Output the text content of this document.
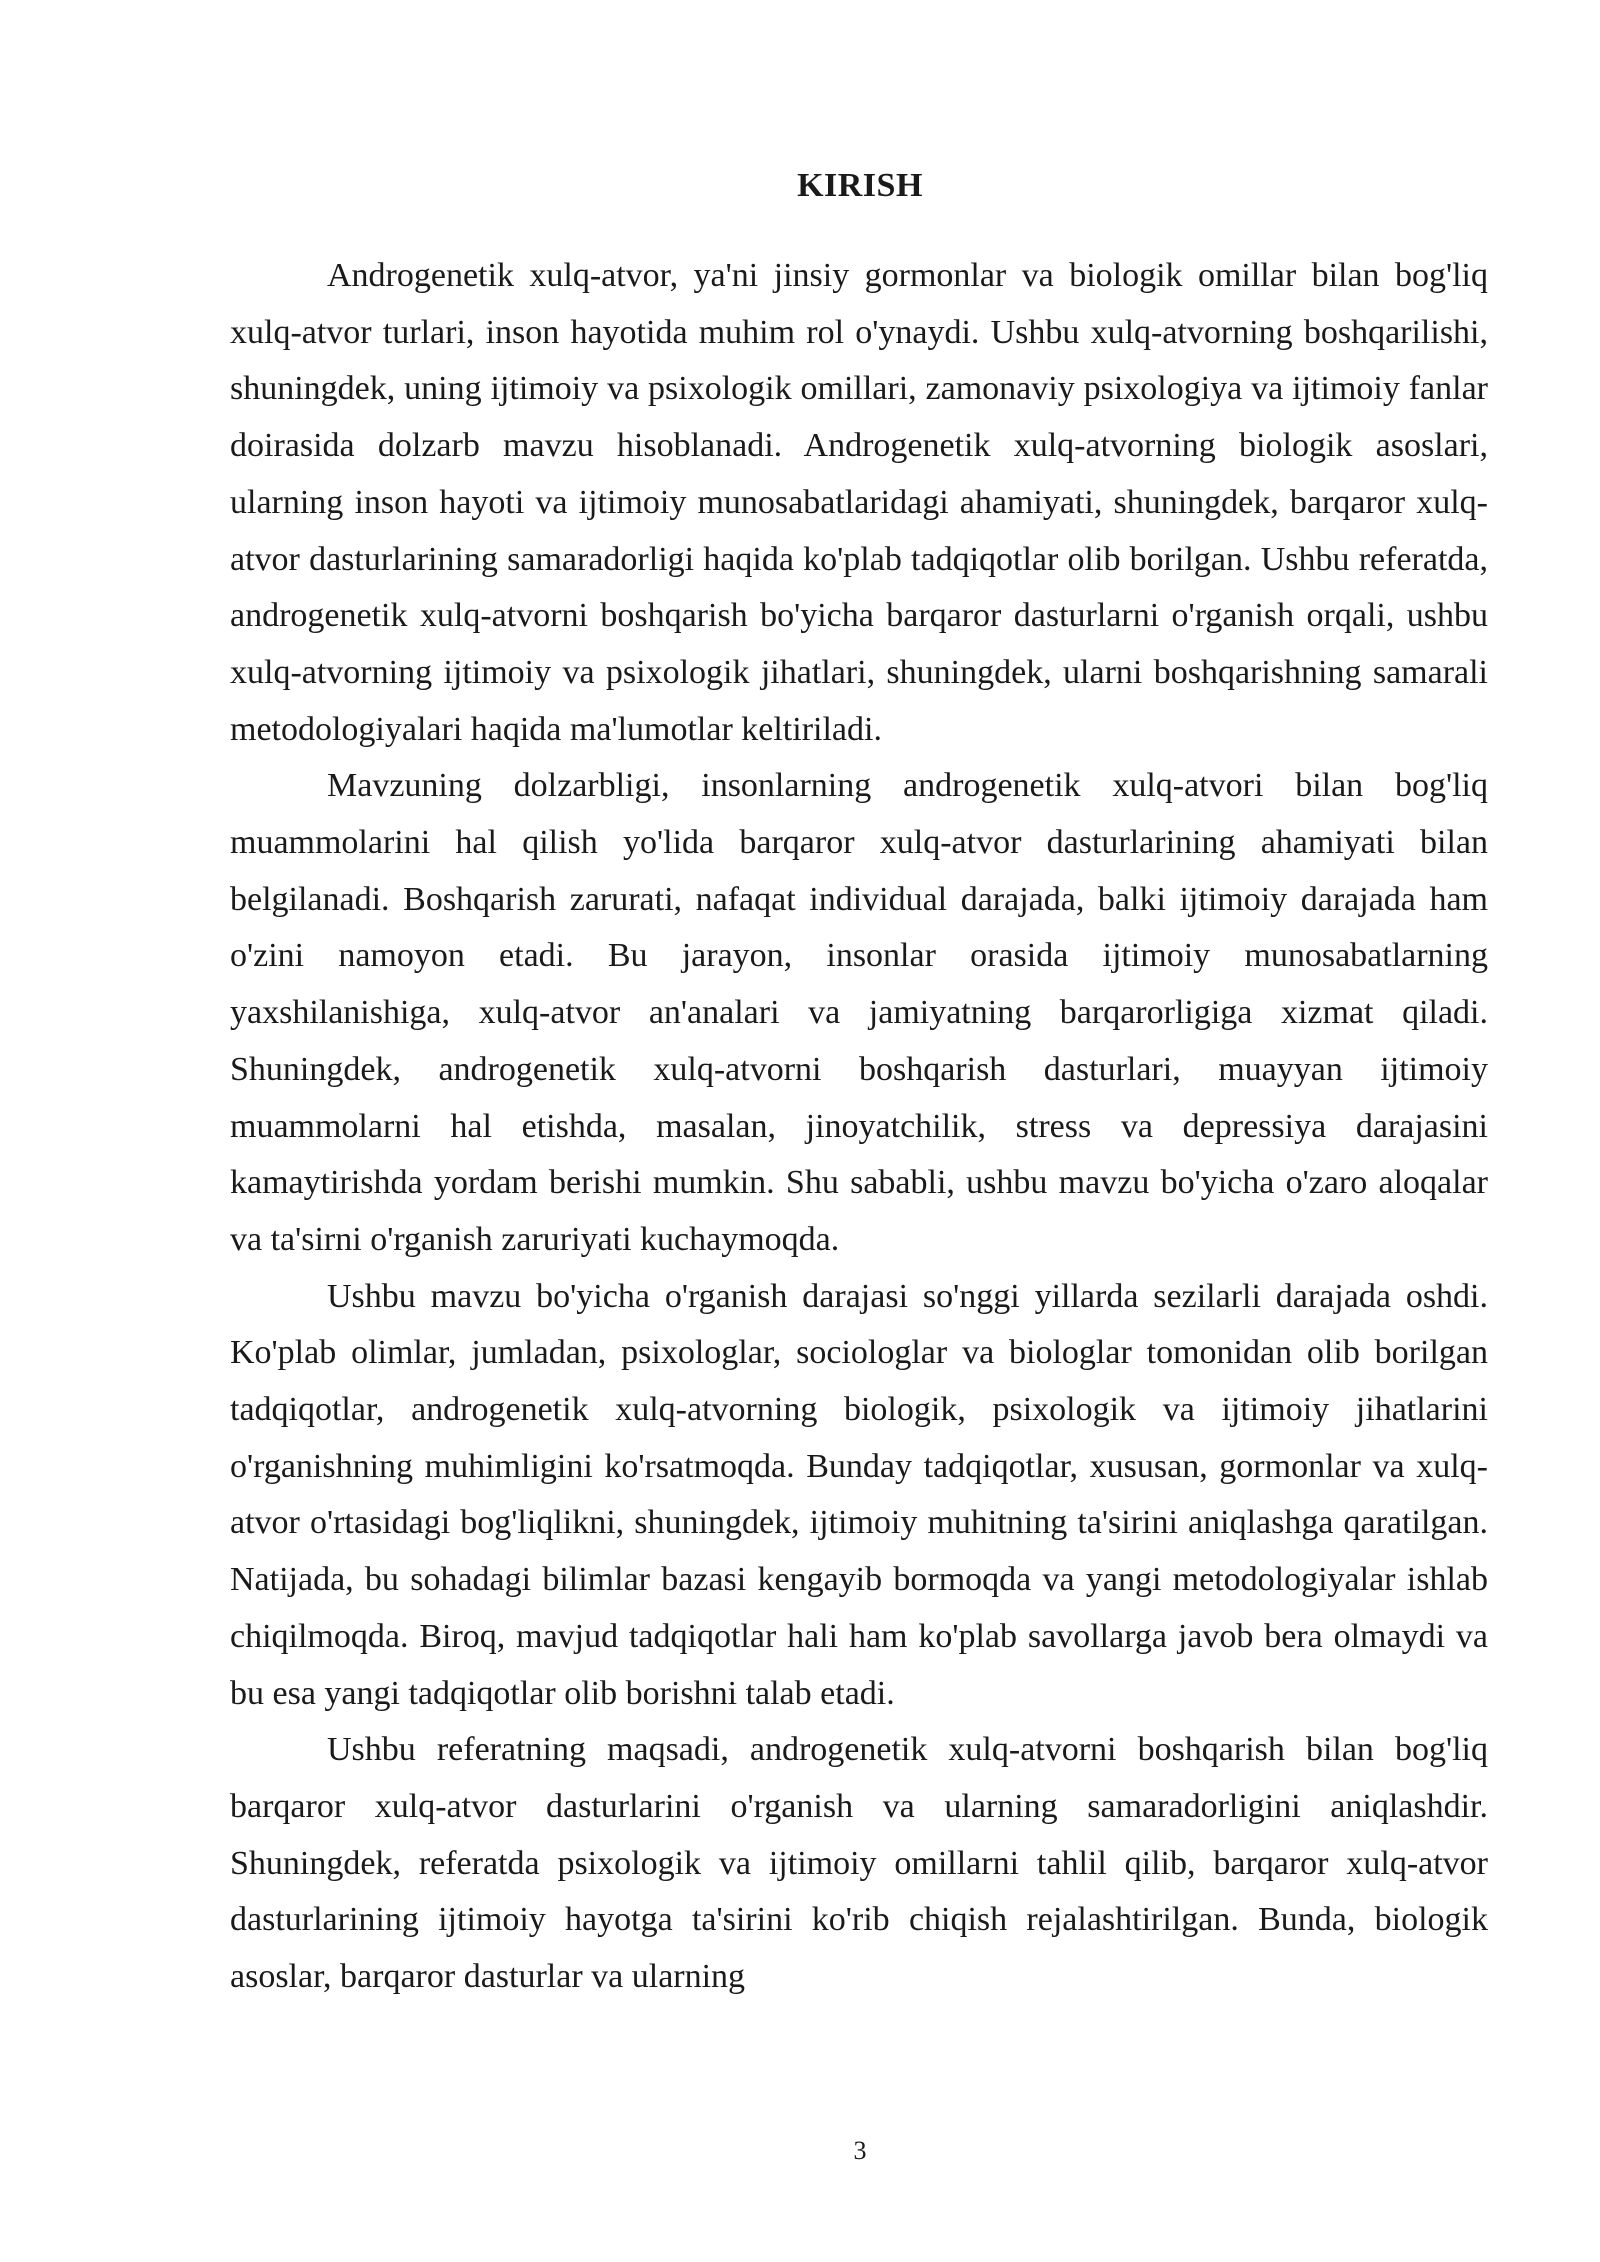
KIRISH

Androgenetik xulq-atvor, ya'ni jinsiy gormonlar va biologik omillar bilan bog'liq xulq-atvor turlari, inson hayotida muhim rol o'ynaydi. Ushbu xulq-atvorning boshqarilishi, shuningdek, uning ijtimoiy va psixologik omillari, zamonaviy psixologiya va ijtimoiy fanlar doirasida dolzarb mavzu hisoblanadi. Androgenetik xulq-atvorning biologik asoslari, ularning inson hayoti va ijtimoiy munosabatlaridagi ahamiyati, shuningdek, barqaror xulq-atvor dasturlarining samaradorligi haqida ko'plab tadqiqotlar olib borilgan. Ushbu referatda, androgenetik xulq-atvorni boshqarish bo'yicha barqaror dasturlarni o'rganish orqali, ushbu xulq-atvorning ijtimoiy va psixologik jihatlari, shuningdek, ularni boshqarishning samarali metodologiyalari haqida ma'lumotlar keltiriladi.

Mavzuning dolzarbligi, insonlarning androgenetik xulq-atvori bilan bog'liq muammolarini hal qilish yo'lida barqaror xulq-atvor dasturlarining ahamiyati bilan belgilanadi. Boshqarish zarurati, nafaqat individual darajada, balki ijtimoiy darajada ham o'zini namoyon etadi. Bu jarayon, insonlar orasida ijtimoiy munosabatlarning yaxshilanishiga, xulq-atvor an'analari va jamiyatning barqarorligiga xizmat qiladi. Shuningdek, androgenetik xulq-atvorni boshqarish dasturlari, muayyan ijtimoiy muammolarni hal etishda, masalan, jinoyatchilik, stress va depressiya darajasini kamaytirishda yordam berishi mumkin. Shu sababli, ushbu mavzu bo'yicha o'zaro aloqalar va ta'sirni o'rganish zaruriyati kuchaymoqda.

Ushbu mavzu bo'yicha o'rganish darajasi so'nggi yillarda sezilarli darajada oshdi. Ko'plab olimlar, jumladan, psixologlar, sociologlar va biologlar tomonidan olib borilgan tadqiqotlar, androgenetik xulq-atvorning biologik, psixologik va ijtimoiy jihatlarini o'rganishning muhimligini ko'rsatmoqda. Bunday tadqiqotlar, xususan, gormonlar va xulq-atvor o'rtasidagi bog'liqlikni, shuningdek, ijtimoiy muhitning ta'sirini aniqlashga qaratilgan. Natijada, bu sohadagi bilimlar bazasi kengayib bormoqda va yangi metodologiyalar ishlab chiqilmoqda. Biroq, mavjud tadqiqotlar hali ham ko'plab savollarga javob bera olmaydi va bu esa yangi tadqiqotlar olib borishni talab etadi.

Ushbu referatning maqsadi, androgenetik xulq-atvorni boshqarish bilan bog'liq barqaror xulq-atvor dasturlarini o'rganish va ularning samaradorligini aniqlashdir. Shuningdek, referatda psixologik va ijtimoiy omillarni tahlil qilib, barqaror xulq-atvor dasturlarining ijtimoiy hayotga ta'sirini ko'rib chiqish rejalashtirilgan. Bunda, biologik asoslar, barqaror dasturlar va ularning

3
